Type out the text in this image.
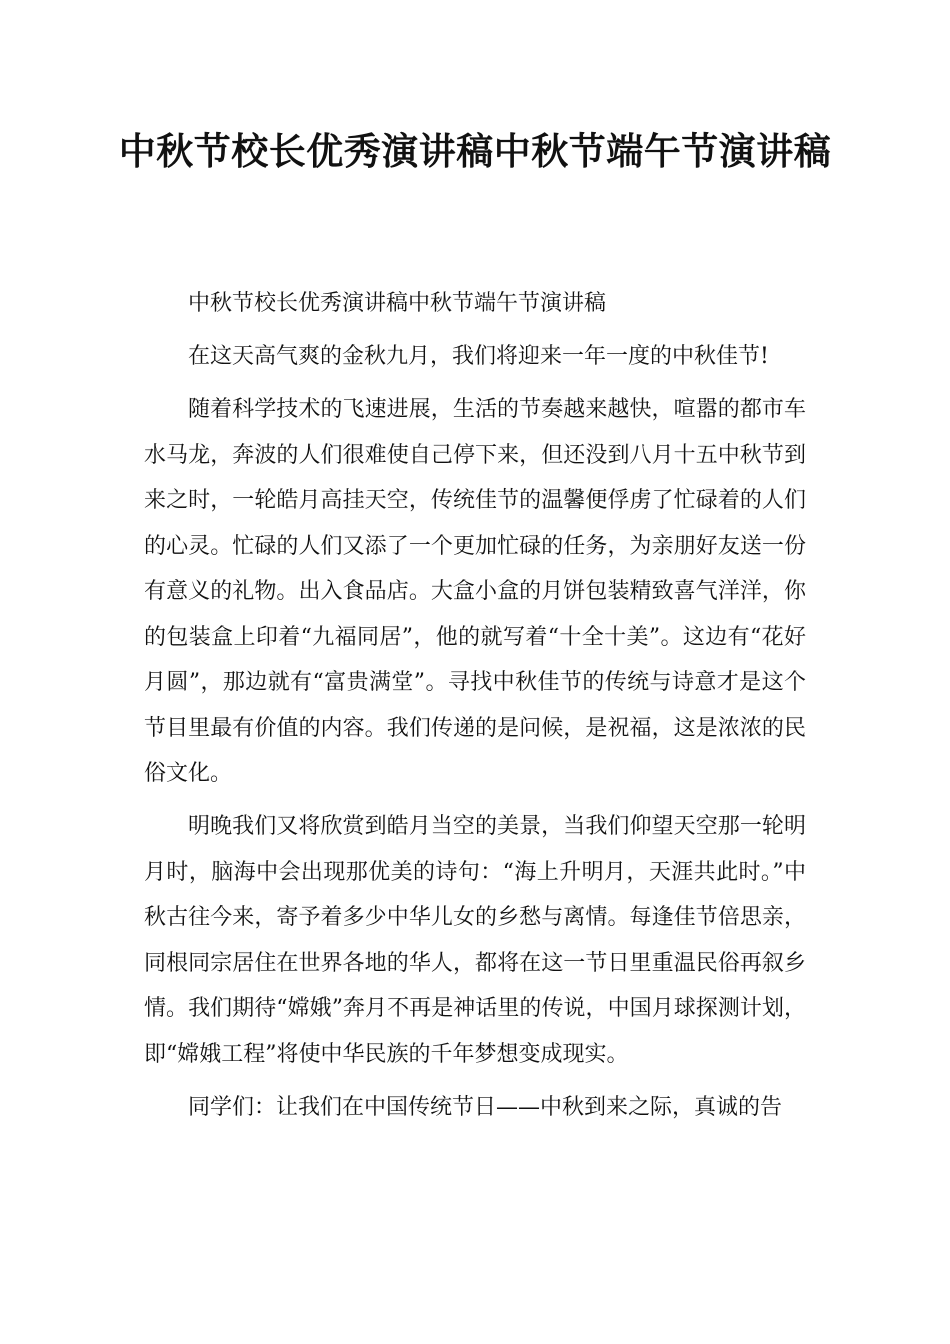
中秋节校长优秀演讲稿中秋节端午节演讲稿

中秋节校长优秀演讲稿中秋节端午节演讲稿

在这天高气爽的金秋九月，我们将迎来一年一度的中秋佳节!

随着科学技术的飞速进展，生活的节奏越来越快，喧嚣的都市车水马龙，奔波的人们很难使自己停下来，但还没到八月十五中秋节到来之时，一轮皓月高挂天空，传统佳节的温馨便俘虏了忙碌着的人们的心灵。忙碌的人们又添了一个更加忙碌的任务，为亲朋好友送一份有意义的礼物。出入食品店。大盒小盒的月饼包装精致喜气洋洋，你的包装盒上印着“九福同居”，他的就写着“十全十美”。这边有“花好月圆”，那边就有“富贵满堂”。寻找中秋佳节的传统与诗意才是这个节目里最有价值的内容。我们传递的是问候，是祝福，这是浓浓的民俗文化。

明晚我们又将欣赏到皓月当空的美景，当我们仰望天空那一轮明月时，脑海中会出现那优美的诗句：“海上升明月，天涯共此时。”中秋古往今来，寄予着多少中华儿女的乡愁与离情。每逢佳节倍思亲，同根同宗居住在世界各地的华人，都将在这一节日里重温民俗再叙乡情。我们期待“嫦娥”奔月不再是神话里的传说，中国月球探测计划，即“嫦娥工程”将使中华民族的千年梦想变成现实。

同学们：让我们在中国传统节日——中秋到来之际，真诚的告
